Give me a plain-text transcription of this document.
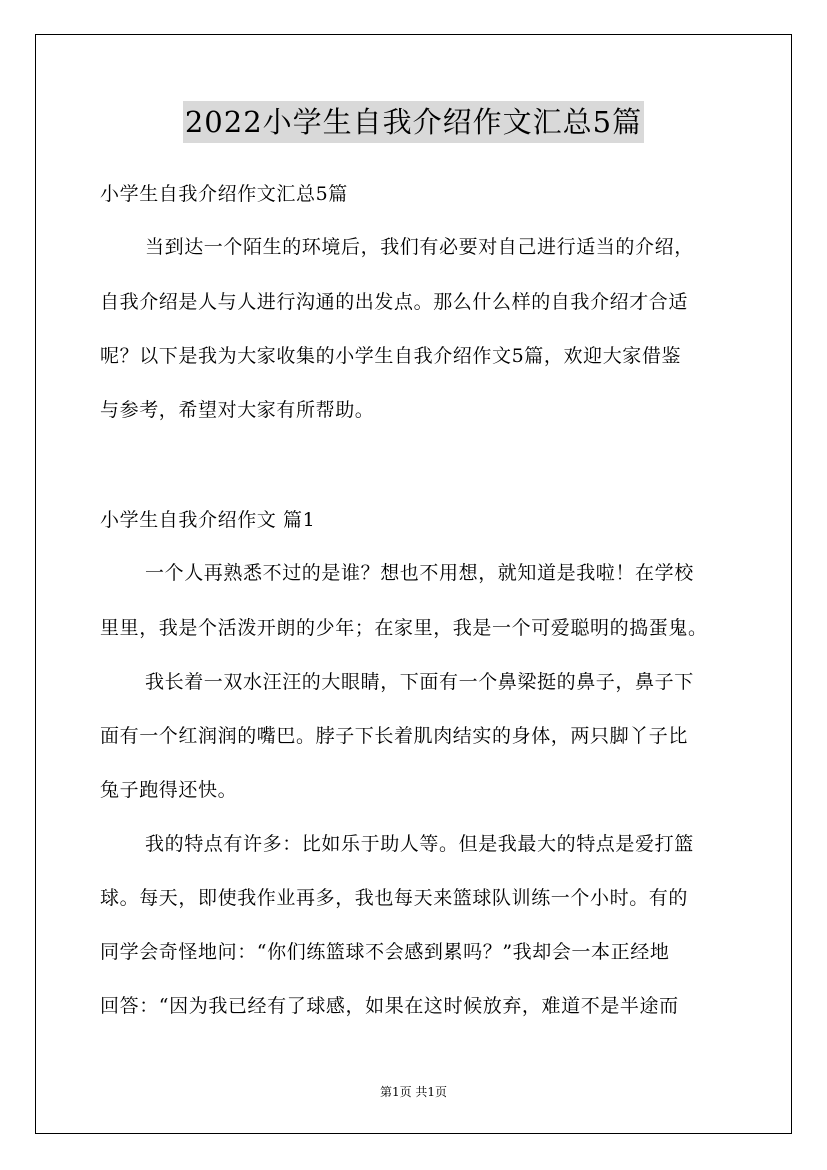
2022小学生自我介绍作文汇总5篇
小学生自我介绍作文汇总5篇
当到达一个陌生的环境后，我们有必要对自己进行适当的介绍，
自我介绍是人与人进行沟通的出发点。那么什么样的自我介绍才合适
呢？以下是我为大家收集的小学生自我介绍作文5篇，欢迎大家借鉴
与参考，希望对大家有所帮助。
小学生自我介绍作文 篇1
一个人再熟悉不过的是谁？想也不用想，就知道是我啦！在学校
里里，我是个活泼开朗的少年；在家里，我是一个可爱聪明的捣蛋鬼。
我长着一双水汪汪的大眼睛，下面有一个鼻梁挺的鼻子，鼻子下
面有一个红润润的嘴巴。脖子下长着肌肉结实的身体，两只脚丫子比
兔子跑得还快。
我的特点有许多：比如乐于助人等。但是我最大的特点是爱打篮
球。每天，即使我作业再多，我也每天来篮球队训练一个小时。有的
同学会奇怪地问：“你们练篮球不会感到累吗？”我却会一本正经地
回答：“因为我已经有了球感，如果在这时候放弃，难道不是半途而
第1页 共1页
